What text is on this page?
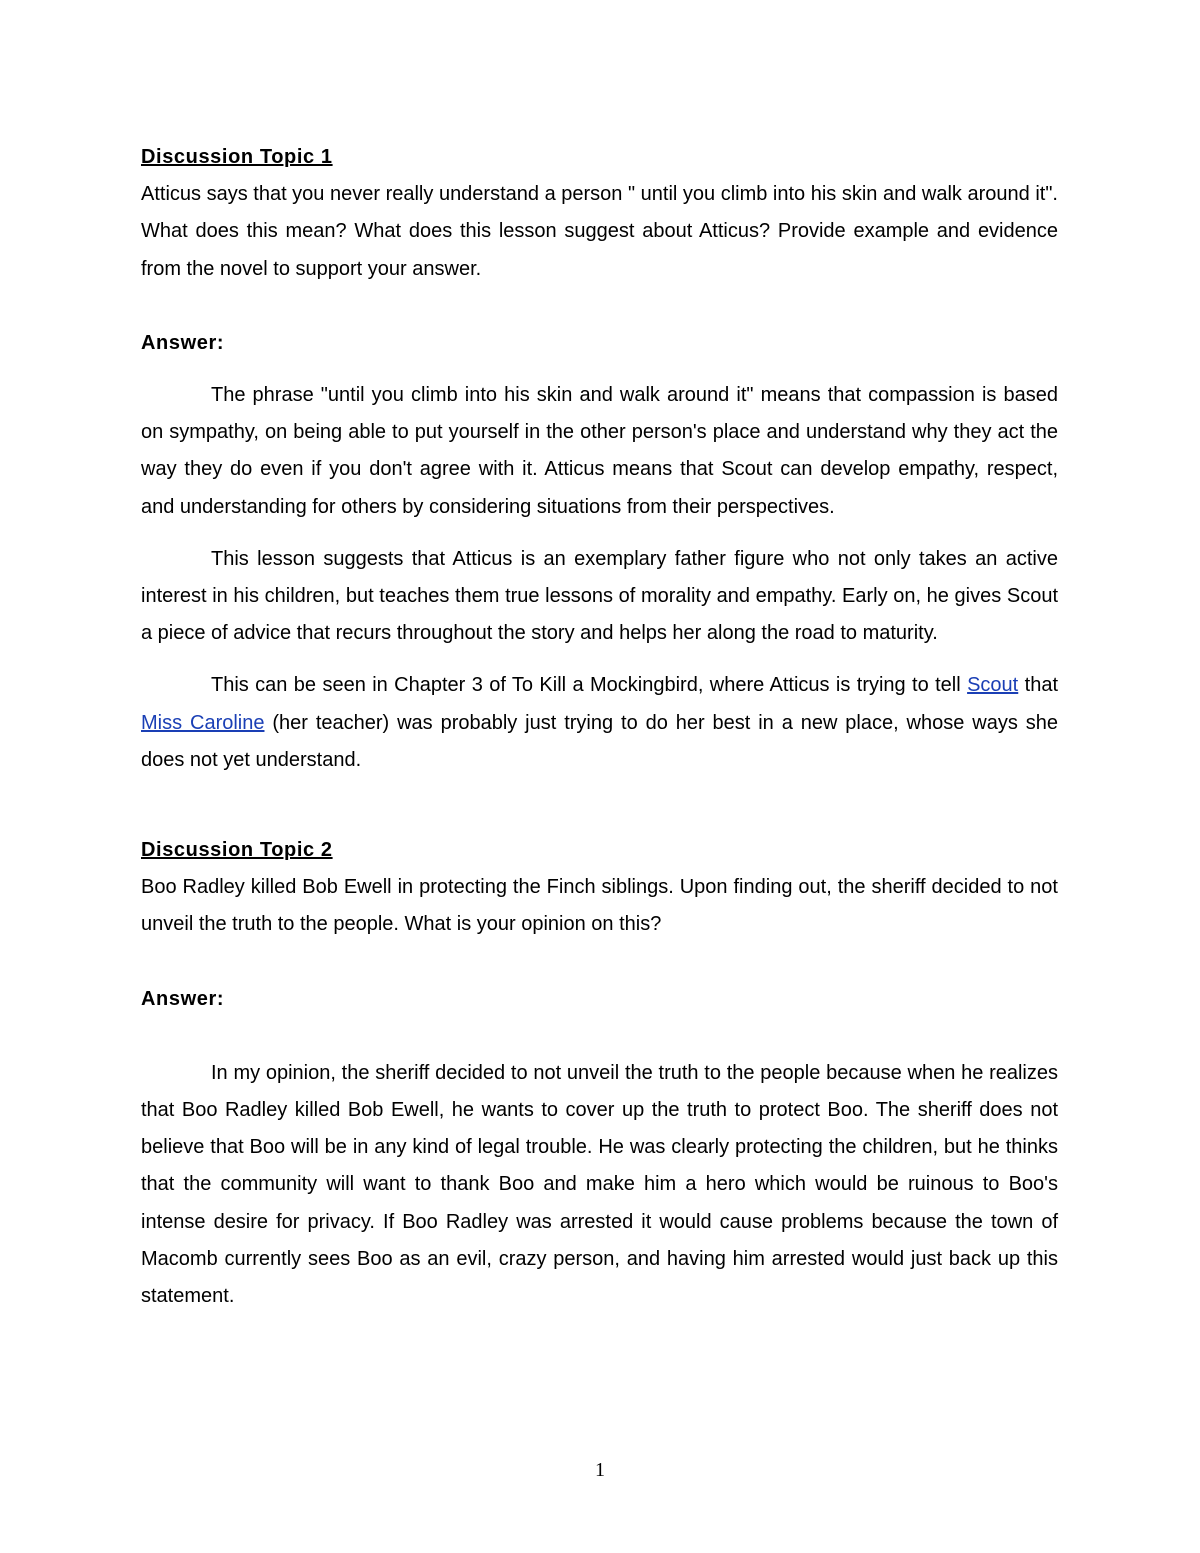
Discussion Topic 1

Atticus says that you never really understand a person " until you climb into his skin and walk around it". What does this mean? What does this lesson suggest about Atticus? Provide example and evidence from the novel to support your answer.

Answer:

The phrase "until you climb into his skin and walk around it" means that compassion is based on sympathy, on being able to put yourself in the other person's place and understand why they act the way they do even if you don't agree with it. Atticus means that Scout can develop empathy, respect, and understanding for others by considering situations from their perspectives.

This lesson suggests that Atticus is an exemplary father figure who not only takes an active interest in his children, but teaches them true lessons of morality and empathy. Early on, he gives Scout a piece of advice that recurs throughout the story and helps her along the road to maturity.

This can be seen in Chapter 3 of To Kill a Mockingbird, where Atticus is trying to tell Scout that Miss Caroline (her teacher) was probably just trying to do her best in a new place, whose ways she does not yet understand.

Discussion Topic 2

Boo Radley killed Bob Ewell in protecting the Finch siblings. Upon finding out, the sheriff decided to not unveil the truth to the people. What is your opinion on this?

Answer:

In my opinion, the sheriff decided to not unveil the truth to the people because when he realizes that Boo Radley killed Bob Ewell, he wants to cover up the truth to protect Boo. The sheriff does not believe that Boo will be in any kind of legal trouble. He was clearly protecting the children, but he thinks that the community will want to thank Boo and make him a hero which would be ruinous to Boo's intense desire for privacy. If Boo Radley was arrested it would cause problems because the town of Macomb currently sees Boo as an evil, crazy person, and having him arrested would just back up this statement.

1
